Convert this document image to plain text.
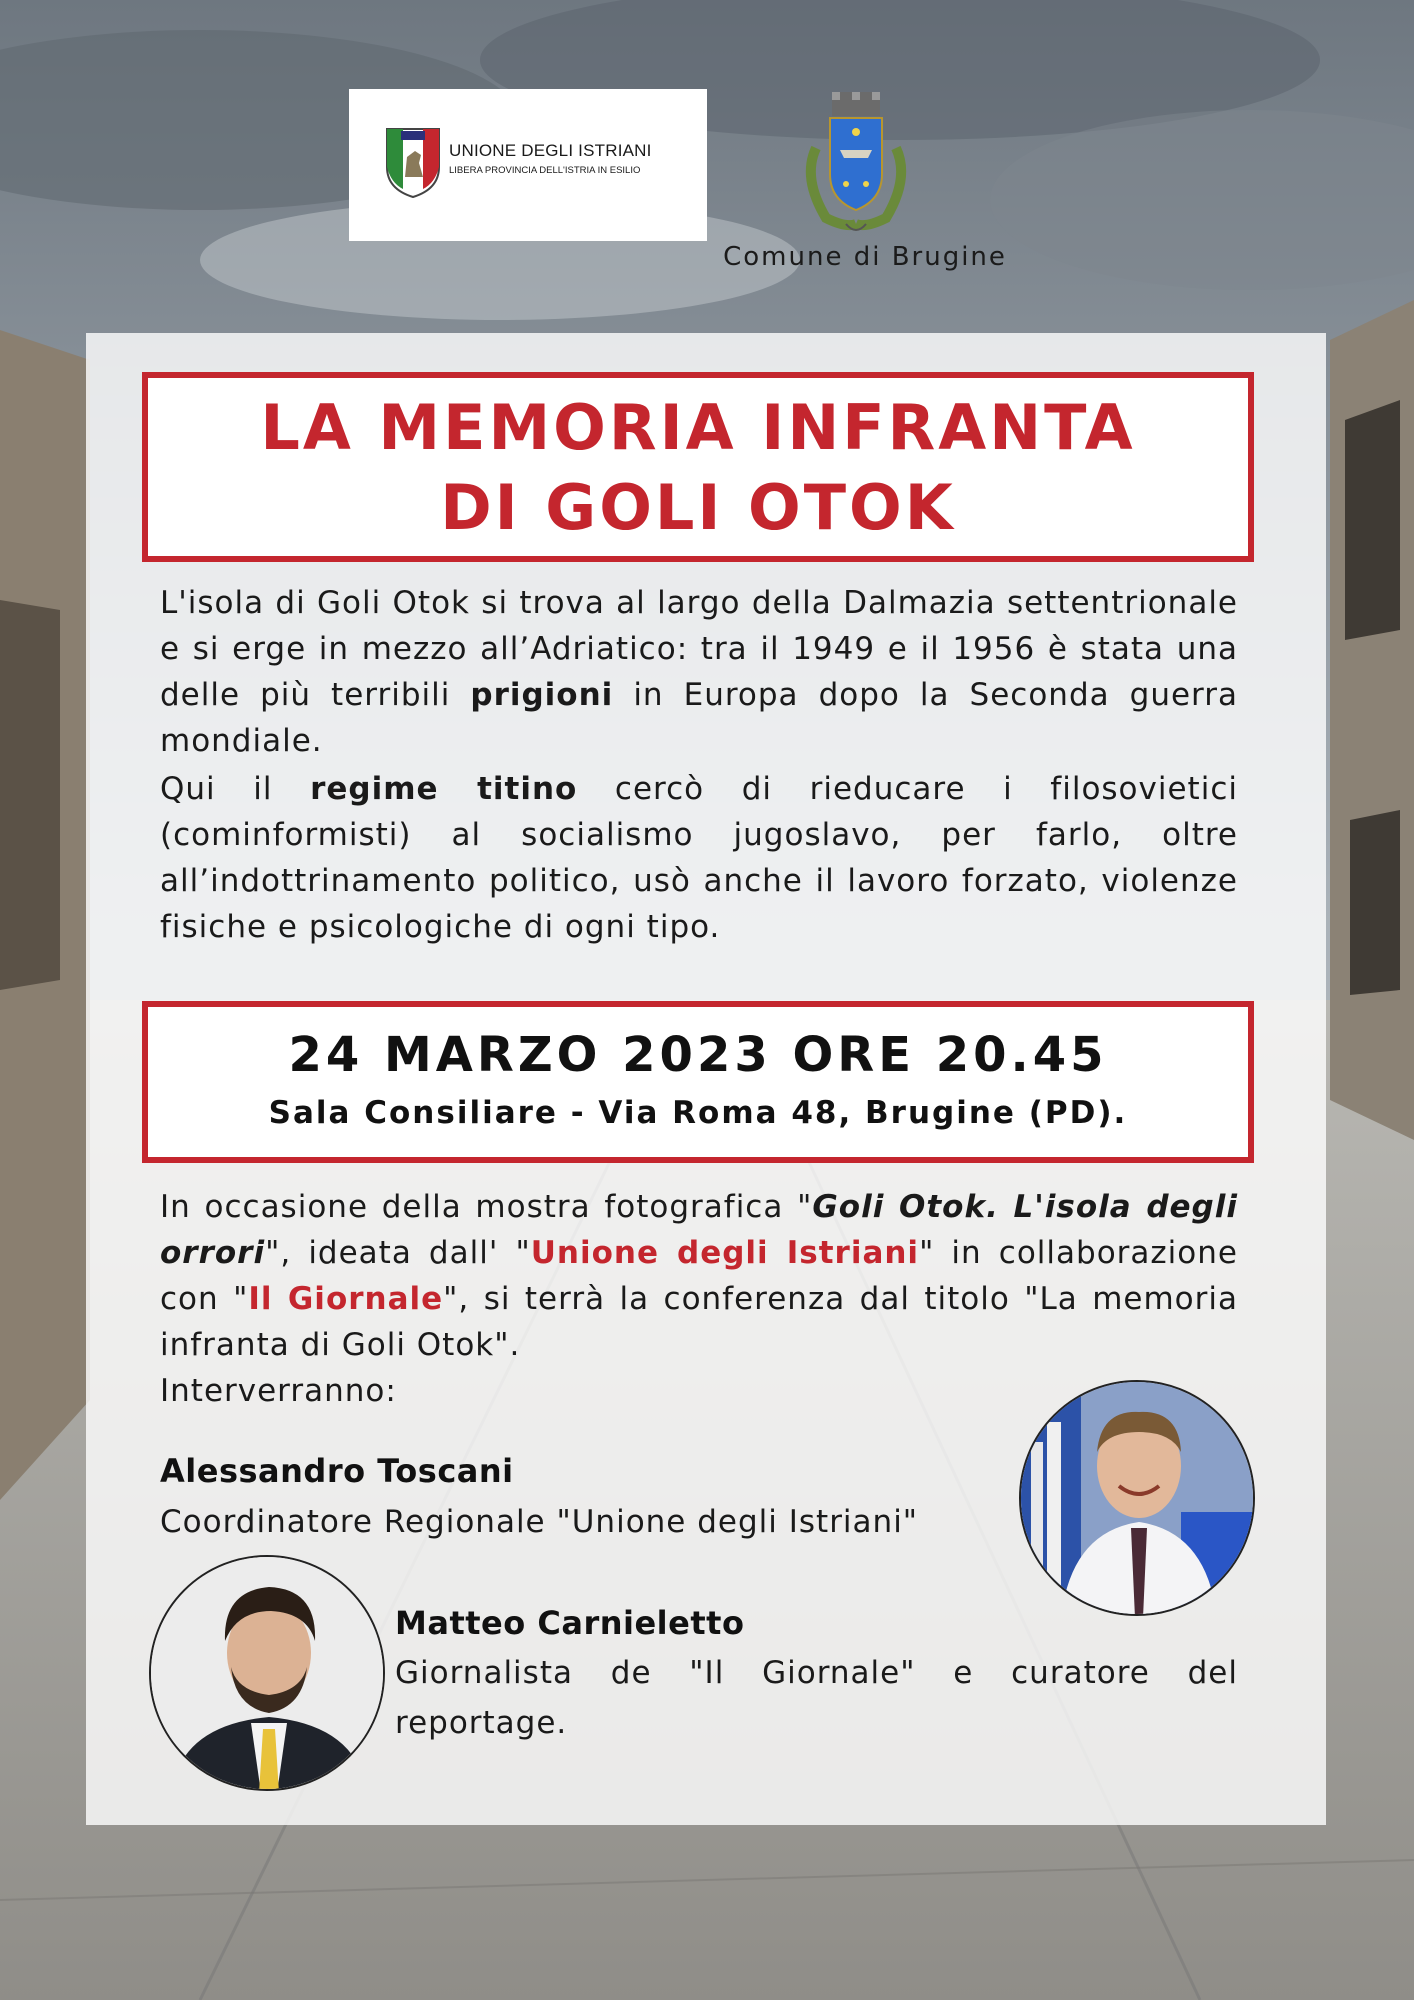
UNIONE DEGLI ISTRIANI
LIBERA PROVINCIA DELL'ISTRIA IN ESILIO
Comune di Brugine
LA MEMORIA INFRANTA
DI GOLI OTOK

L'isola di Goli Otok si trova al largo della Dalmazia settentrionale e si erge in mezzo all’Adriatico: tra il 1949 e il 1956 è stata una delle più terribili prigioni in Europa dopo la Seconda guerra mondiale.

Qui il regime titino cercò di rieducare i filosovietici (cominformisti) al socialismo jugoslavo, per farlo, oltre all’indottrinamento politico, usò anche il lavoro forzato, violenze fisiche e psicologiche di ogni tipo.

24 MARZO 2023 ORE 20.45
Sala Consiliare - Via Roma 48, Brugine (PD).

In occasione della mostra fotografica "Goli Otok. L'isola degli orrori", ideata dall' "Unione degli Istriani" in collaborazione con "Il Giornale", si terrà la conferenza dal titolo "La memoria infranta di Goli Otok".

Interverranno:

Alessandro Toscani
Coordinatore Regionale "Unione degli Istriani"
Matteo Carnieletto
Giornalista de "Il Giornale" e curatore del reportage.
